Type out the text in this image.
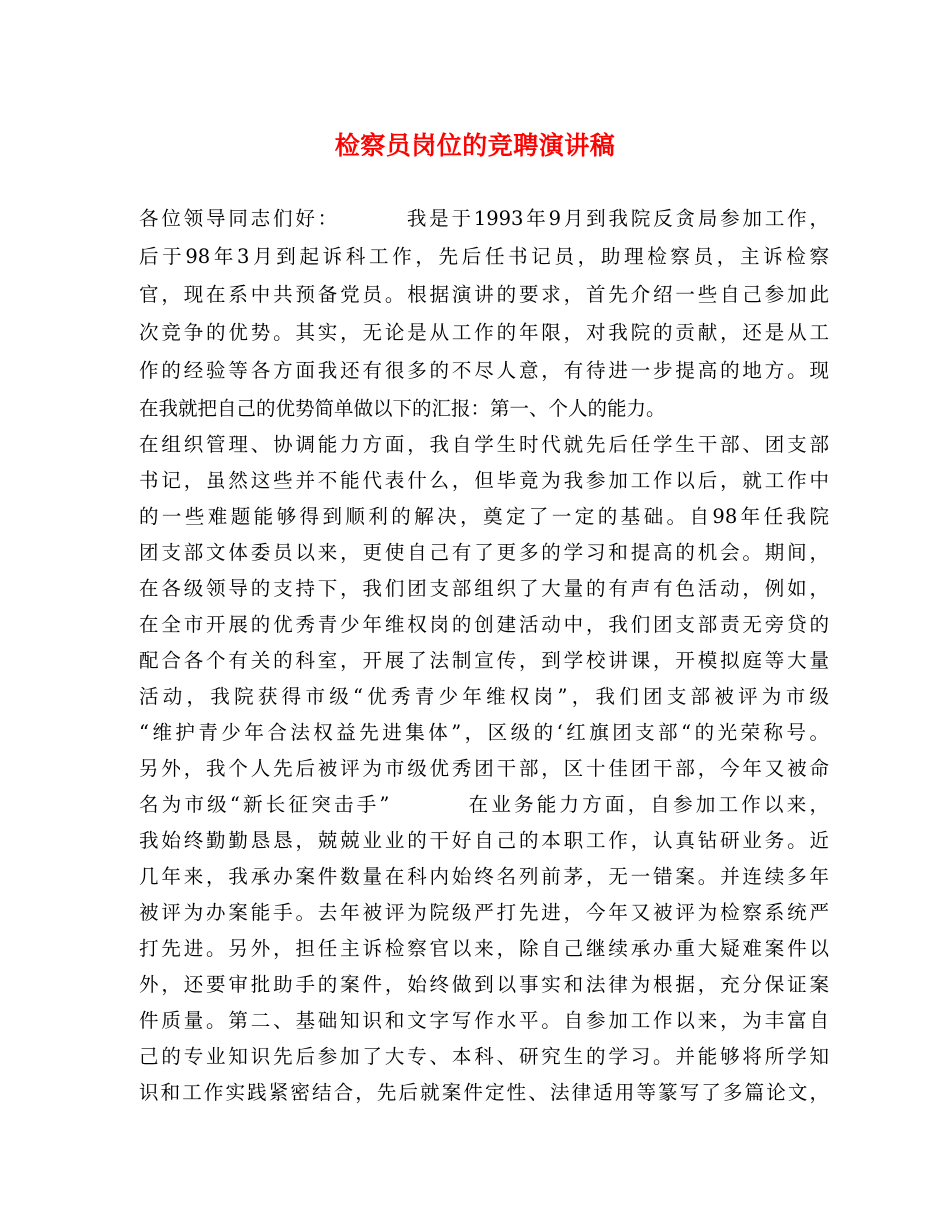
检察员岗位的竞聘演讲稿
各位领导同志们好：	我是于1993年9月到我院反贪局参加工作，
后于98年3月到起诉科工作，先后任书记员，助理检察员，主诉检察
官，现在系中共预备党员。根据演讲的要求，首先介绍一些自己参加此
次竞争的优势。其实，无论是从工作的年限，对我院的贡献，还是从工
作的经验等各方面我还有很多的不尽人意，有待进一步提高的地方。现
在我就把自己的优势简单做以下的汇报：第一、个人的能力。
在组织管理、协调能力方面，我自学生时代就先后任学生干部、团支部
书记，虽然这些并不能代表什么，但毕竟为我参加工作以后，就工作中
的一些难题能够得到顺利的解决，奠定了一定的基础。自98年任我院
团支部文体委员以来，更使自己有了更多的学习和提高的机会。期间，
在各级领导的支持下，我们团支部组织了大量的有声有色活动，例如，
在全市开展的优秀青少年维权岗的创建活动中，我们团支部责无旁贷的
配合各个有关的科室，开展了法制宣传，到学校讲课，开模拟庭等大量
活动，我院获得市级“优秀青少年维权岗”，我们团支部被评为市级
“维护青少年合法权益先进集体”，区级的‘红旗团支部“的光荣称号。
另外，我个人先后被评为市级优秀团干部，区十佳团干部，今年又被命
名为市级“新长征突击手”	在业务能力方面，自参加工作以来，
我始终勤勤恳恳，兢兢业业的干好自己的本职工作，认真钻研业务。近
几年来，我承办案件数量在科内始终名列前茅，无一错案。并连续多年
被评为办案能手。去年被评为院级严打先进，今年又被评为检察系统严
打先进。另外，担任主诉检察官以来，除自己继续承办重大疑难案件以
外，还要审批助手的案件，始终做到以事实和法律为根据，充分保证案
件质量。第二、基础知识和文字写作水平。自参加工作以来，为丰富自
己的专业知识先后参加了大专、本科、研究生的学习。并能够将所学知
识和工作实践紧密结合，先后就案件定性、法律适用等篆写了多篇论文，
